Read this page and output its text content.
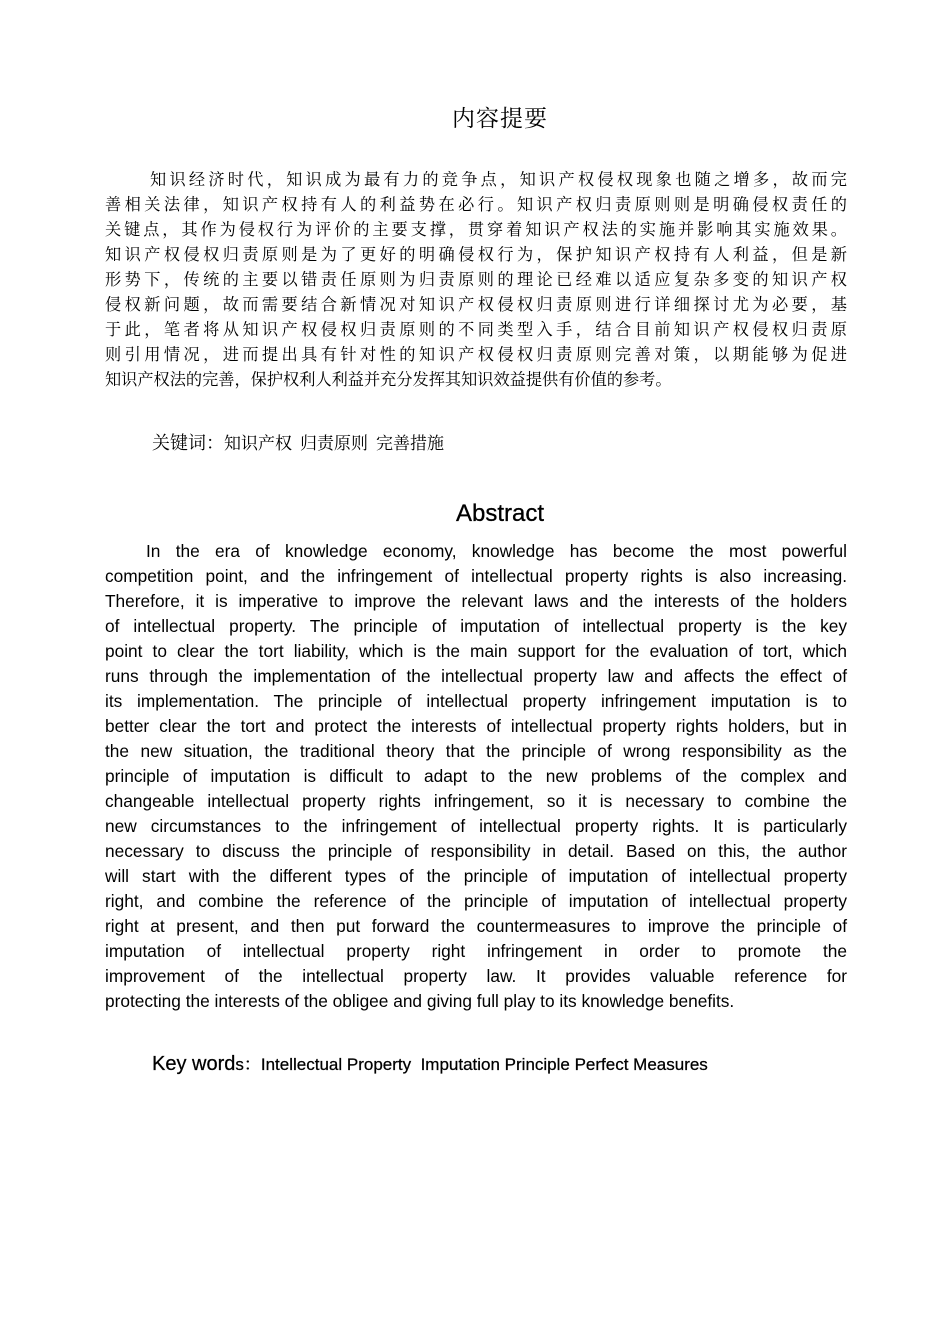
内容提要
知识经济时代，知识成为最有力的竞争点，知识产权侵权现象也随之增多，故而完
善相关法律，知识产权持有人的利益势在必行。知识产权归责原则则是明确侵权责任的
关键点，其作为侵权行为评价的主要支撑，贯穿着知识产权法的实施并影响其实施效果。
知识产权侵权归责原则是为了更好的明确侵权行为，保护知识产权持有人利益，但是新
形势下，传统的主要以错责任原则为归责原则的理论已经难以适应复杂多变的知识产权
侵权新问题，故而需要结合新情况对知识产权侵权归责原则进行详细探讨尤为必要，基
于此，笔者将从知识产权侵权归责原则的不同类型入手，结合目前知识产权侵权归责原
则引用情况，进而提出具有针对性的知识产权侵权归责原则完善对策，以期能够为促进
知识产权法的完善，保护权利人利益并充分发挥其知识效益提供有价值的参考。
关键词：知识产权 归责原则 完善措施
Abstract
In the era of knowledge economy, knowledge has become the most powerful
competition point, and the infringement of intellectual property rights is also increasing.
Therefore, it is imperative to improve the relevant laws and the interests of the holders
of intellectual property. The principle of imputation of intellectual property is the key
point to clear the tort liability, which is the main support for the evaluation of tort, which
runs through the implementation of the intellectual property law and affects the effect of
its implementation. The principle of intellectual property infringement imputation is to
better clear the tort and protect the interests of intellectual property rights holders, but in
the new situation, the traditional theory that the principle of wrong responsibility as the
principle of imputation is difficult to adapt to the new problems of the complex and
changeable intellectual property rights infringement, so it is necessary to combine the
new circumstances to the infringement of intellectual property rights. It is particularly
necessary to discuss the principle of responsibility in detail. Based on this, the author
will start with the different types of the principle of imputation of intellectual property
right, and combine the reference of the principle of imputation of intellectual property
right at present, and then put forward the countermeasures to improve the principle of
imputation of intellectual property right infringement in order to promote the
improvement of the intellectual property law. It provides valuable reference for
protecting the interests of the obligee and giving full play to its knowledge benefits.
Key words：Intellectual Property  Imputation Principle Perfect Measures
